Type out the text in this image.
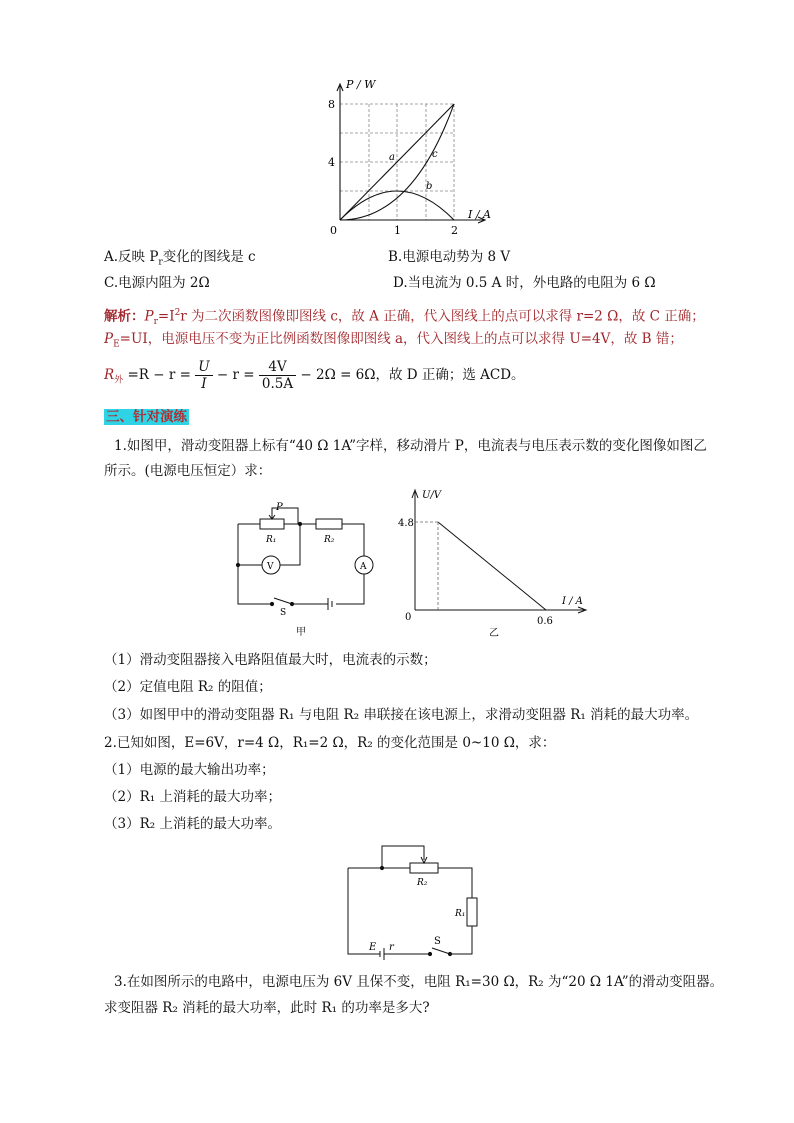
P / W
I / A
8
4
0	1	2
a
b
c
A.反映 $P_r$变化的图线是 c	B.电源电动势为 8 V
C.电源内阻为 2Ω	D.当电流为 0.5 A 时，外电路的电阻为 6 Ω
解析：$P_r=I^2r$ 为二次函数图像即图线 c，故 A 正确，代入图线上的点可以求得 r=2 Ω，故 C 正确；
$P_E=UI$，电源电压不变为正比例函数图像即图线 a，代入图线上的点可以求得 U=4V，故 B 错；
$R_外 =R - r = \frac{U}{I} - r = \frac{4V}{0.5A} - 2\Omega = 6\Omega$，故 D 正确；选 ACD。
三、针对演练
1.如图甲，滑动变阻器上标有“40 Ω 1A”字样，移动滑片 P，电流表与电压表示数的变化图像如图乙
所示。(电源电压恒定）求：
P
R₁	R₂
V	A
S
甲
U/V
I / A
4.8
0.6
0
乙
（1）滑动变阻器接入电路阻值最大时，电流表的示数；
（2）定值电阻 R₂ 的阻值；
（3）如图甲中的滑动变阻器 R₁ 与电阻 R₂ 串联接在该电源上，求滑动变阻器 R₁ 消耗的最大功率。
2.已知如图，E=6V，r=4 Ω，R₁=2 Ω，R₂ 的变化范围是 0~10 Ω，求：
（1）电源的最大输出功率；
（2）R₁ 上消耗的最大功率；
（3）R₂ 上消耗的最大功率。
R₂
R₁
E r
S
3.在如图所示的电路中，电源电压为 6V 且保不变，电阻 R₁=30 Ω，R₂ 为“20 Ω 1A”的滑动变阻器。
求变阻器 R₂ 消耗的最大功率，此时 R₁ 的功率是多大?
